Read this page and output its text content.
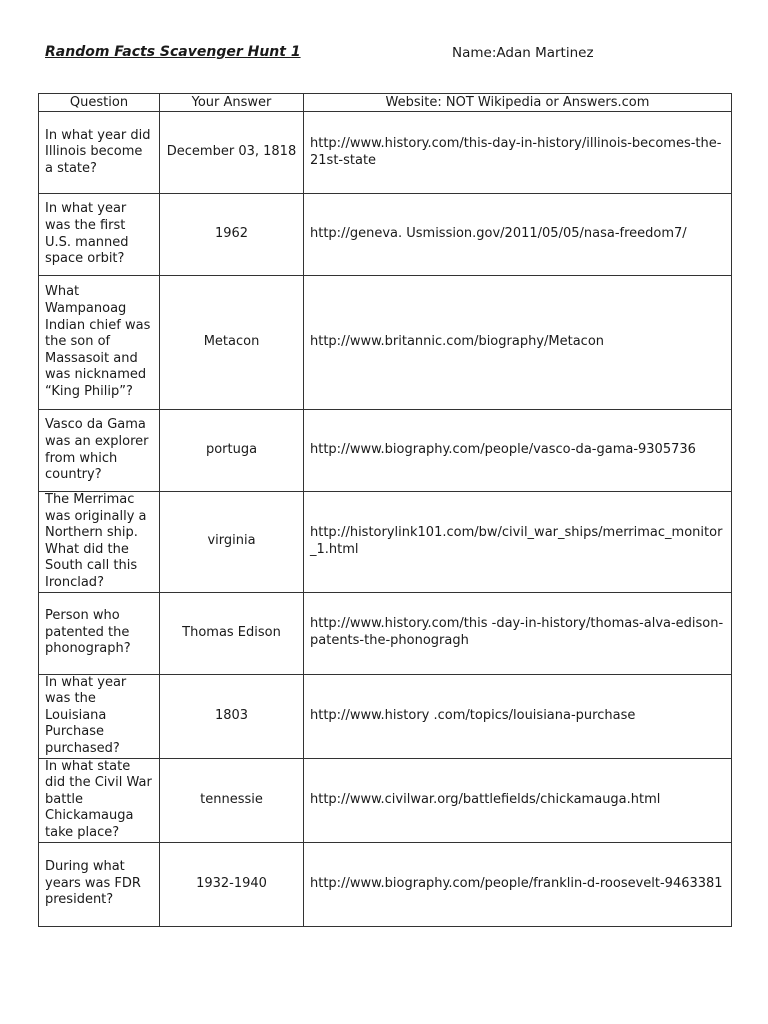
Random Facts Scavenger Hunt 1	Name:Adan Martinez
Question	Your Answer	Website: NOT Wikipedia or Answers.com
In what year did Illinois become a state?	December 03, 1818	http://www.history.com/this-day-in-history/illinois-becomes-the-21st-state
In what year was the first U.S. manned space orbit?	1962	http://geneva. Usmission.gov/2011/05/05/nasa-freedom7/
What Wampanoag Indian chief was the son of Massasoit and was nicknamed “King Philip”?	Metacon	http://www.britannic.com/biography/Metacon
Vasco da Gama was an explorer from which country?	portuga	http://www.biography.com/people/vasco-da-gama-9305736
The Merrimac was originally a Northern ship. What did the South call this Ironclad?	virginia	http://historylink101.com/bw/civil_war_ships/merrimac_monitor_1.html
Person who patented the phonograph?	Thomas Edison	http://www.history.com/this -day-in-history/thomas-alva-edison-patents-the-phonogragh
In what year was the Louisiana Purchase purchased?	1803	http://www.history .com/topics/louisiana-purchase
In what state did the Civil War battle Chickamauga take place?	tennessie	http://www.civilwar.org/battlefields/chickamauga.html
During what years was FDR president?	1932-1940	http://www.biography.com/people/franklin-d-roosevelt-9463381
